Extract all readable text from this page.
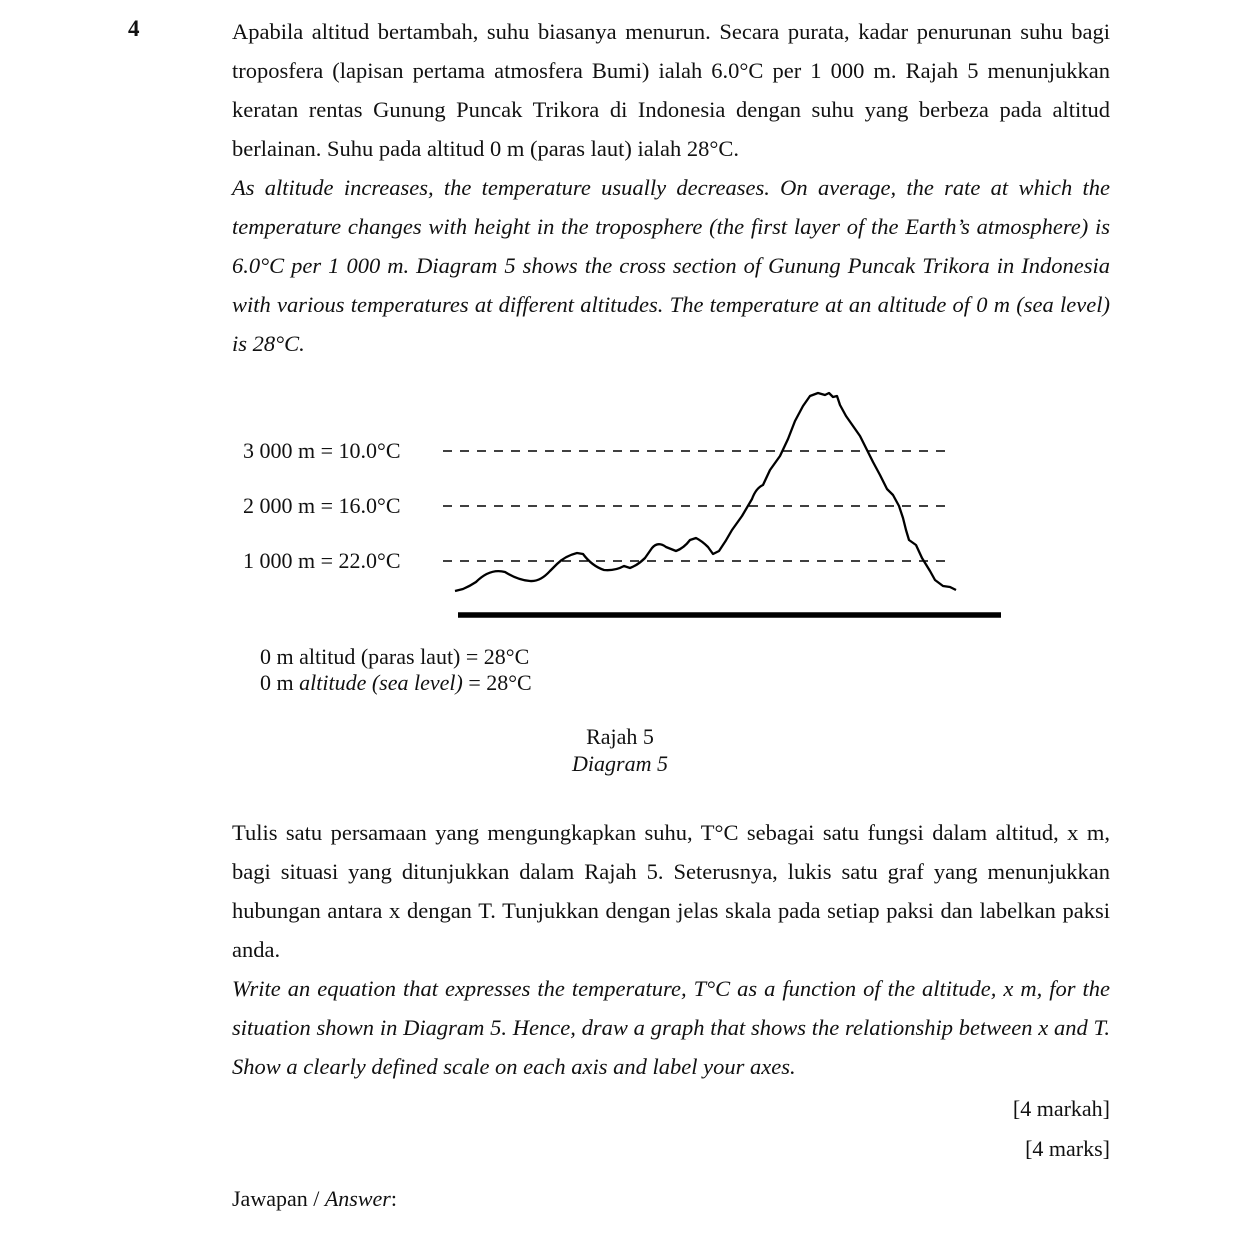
4	Apabila altitud bertambah, suhu biasanya menurun. Secara purata, kadar penurunan suhu bagi troposfera (lapisan pertama atmosfera Bumi) ialah 6.0°C per 1 000 m. Rajah 5 menunjukkan keratan rentas Gunung Puncak Trikora di Indonesia dengan suhu yang berbeza pada altitud berlainan. Suhu pada altitud 0 m (paras laut) ialah 28°C.

As altitude increases, the temperature usually decreases. On average, the rate at which the temperature changes with height in the troposphere (the first layer of the Earth’s atmosphere) is 6.0°C per 1 000 m. Diagram 5 shows the cross section of Gunung Puncak Trikora in Indonesia with various temperatures at different altitudes. The temperature at an altitude of 0 m (sea level) is 28°C.

3 000 m = 10.0°C
2 000 m = 16.0°C
1 000 m = 22.0°C
0 m altitud (paras laut) = 28°C
0 m altitude (sea level) = 28°C
Rajah 5
Diagram 5

Tulis satu persamaan yang mengungkapkan suhu, T°C sebagai satu fungsi dalam altitud, x m, bagi situasi yang ditunjukkan dalam Rajah 5. Seterusnya, lukis satu graf yang menunjukkan hubungan antara x dengan T. Tunjukkan dengan jelas skala pada setiap paksi dan labelkan paksi anda.

Write an equation that expresses the temperature, T°C as a function of the altitude, x m, for the situation shown in Diagram 5. Hence, draw a graph that shows the relationship between x and T. Show a clearly defined scale on each axis and label your axes.

[4 markah]
[4 marks]
Jawapan / Answer:
